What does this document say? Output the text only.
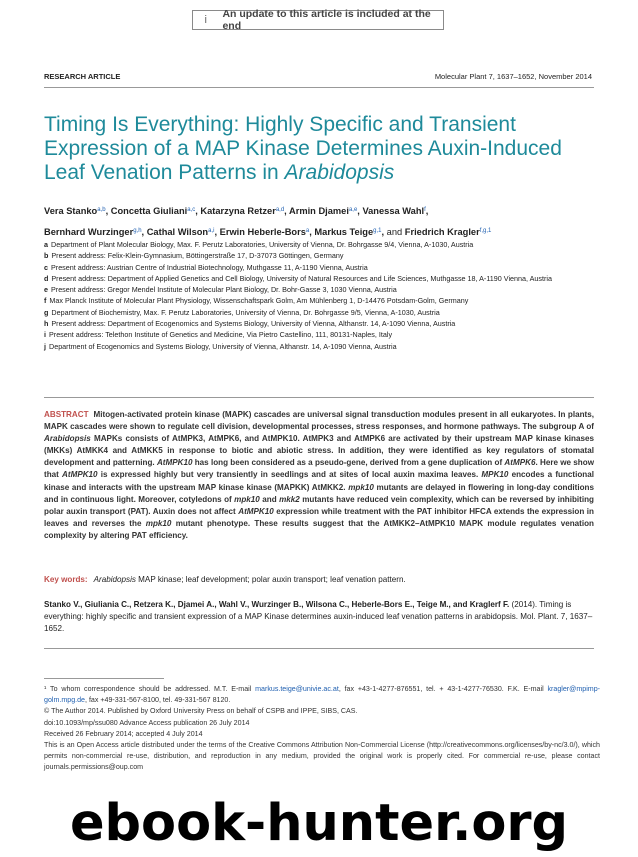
i	An update to this article is included at the end
RESEARCH ARTICLE	Molecular Plant 7, 1637–1652, November 2014
Timing Is Everything: Highly Specific and Transient Expression of a MAP Kinase Determines Auxin-Induced Leaf Venation Patterns in Arabidopsis
Vera Stanko$^{a,b}$, Concetta Giuliani$^{a,c}$, Katarzyna Retzer$^{a,d}$, Armin Djamei$^{a,e}$, Vanessa Wahl$^f$,
Bernhard Wurzinger$^{g,h}$, Cathal Wilson$^{a,i}$, Erwin Heberle-Bors$^a$, Markus Teige$^{g,1}$, and Friedrich Kragler$^{f,g,1}$
a Department of Plant Molecular Biology, Max. F. Perutz Laboratories, University of Vienna, Dr. Bohrgasse 9/4, Vienna, A-1030, Austria
b Present address: Felix-Klein-Gymnasium, Böttingerstraße 17, D-37073 Göttingen, Germany
c Present address: Austrian Centre of Industrial Biotechnology, Muthgasse 11, A-1190 Vienna, Austria
d Present address: Department of Applied Genetics and Cell Biology, University of Natural Resources and Life Sciences, Muthgasse 18, A-1190 Vienna, Austria
e Present address: Gregor Mendel Institute of Molecular Plant Biology, Dr. Bohr-Gasse 3, 1030 Vienna, Austria
f Max Planck Institute of Molecular Plant Physiology, Wissenschaftspark Golm, Am Mühlenberg 1, D-14476 Potsdam-Golm, Germany
g Department of Biochemistry, Max. F. Perutz Laboratories, University of Vienna, Dr. Bohrgasse 9/5, Vienna, A-1030, Austria
h Present address: Department of Ecogenomics and Systems Biology, University of Vienna, Althanstr. 14, A-1090 Vienna, Austria
i Present address: Telethon Institute of Genetics and Medicine, Via Pietro Castellino, 111, 80131-Naples, Italy
j Department of Ecogenomics and Systems Biology, University of Vienna, Althanstr. 14, A-1090 Vienna, Austria
ABSTRACT Mitogen-activated protein kinase (MAPK) cascades are universal signal transduction modules present in all eukaryotes. In plants, MAPK cascades were shown to regulate cell division, developmental processes, stress responses, and hormone pathways. The subgroup A of Arabidopsis MAPKs consists of AtMPK3, AtMPK6, and AtMPK10. AtMPK3 and AtMPK6 are activated by their upstream MAP kinase kinases (MKKs) AtMKK4 and AtMKK5 in response to biotic and abiotic stress. In addition, they were identified as key regulators of stomatal development and patterning. AtMPK10 has long been considered as a pseudo-gene, derived from a gene duplication of AtMPK6. Here we show that AtMPK10 is expressed highly but very transiently in seedlings and at sites of local auxin maxima leaves. MPK10 encodes a functional kinase and interacts with the upstream MAP kinase kinase (MAPKK) AtMKK2. mpk10 mutants are delayed in flowering in long-day conditions and in continuous light. Moreover, cotyledons of mpk10 and mkk2 mutants have reduced vein complexity, which can be reversed by inhibiting polar auxin transport (PAT). Auxin does not affect AtMPK10 expression while treatment with the PAT inhibitor HFCA extends the expression in leaves and reverses the mpk10 mutant phenotype. These results suggest that the AtMKK2–AtMPK10 MAPK module regulates venation complexity by altering PAT efficiency.
Key words: Arabidopsis MAP kinase; leaf development; polar auxin transport; leaf venation pattern.
Stanko V., Giuliania C., Retzera K., Djamei A., Wahl V., Wurzinger B., Wilsona C., Heberle-Bors E., Teige M., and Kraglerf F. (2014). Timing is everything: highly specific and transient expression of a MAP Kinase determines auxin-induced leaf venation patterns in arabidopsis. Mol. Plant. 7, 1637–1652.
¹ To whom correspondence should be addressed. M.T. E-mail markus.teige@univie.ac.at, fax +43-1-4277-876551, tel. + 43-1-4277-76530. F.K. E-mail kragler@mpimp-golm.mpg.de, fax +49-331-567-8100, tel. 49-331-567 8120.
© The Author 2014. Published by Oxford University Press on behalf of CSPB and IPPE, SIBS, CAS.
doi:10.1093/mp/ssu080 Advance Access publication 26 July 2014
Received 26 February 2014; accepted 4 July 2014
This is an Open Access article distributed under the terms of the Creative Commons Attribution Non-Commercial License (http://creativecommons.org/licenses/by-nc/3.0/), which permits non-commercial re-use, distribution, and reproduction in any medium, provided the original work is properly cited. For commercial re-use, please contact journals.permissions@oup.com
ebook-hunter.org
